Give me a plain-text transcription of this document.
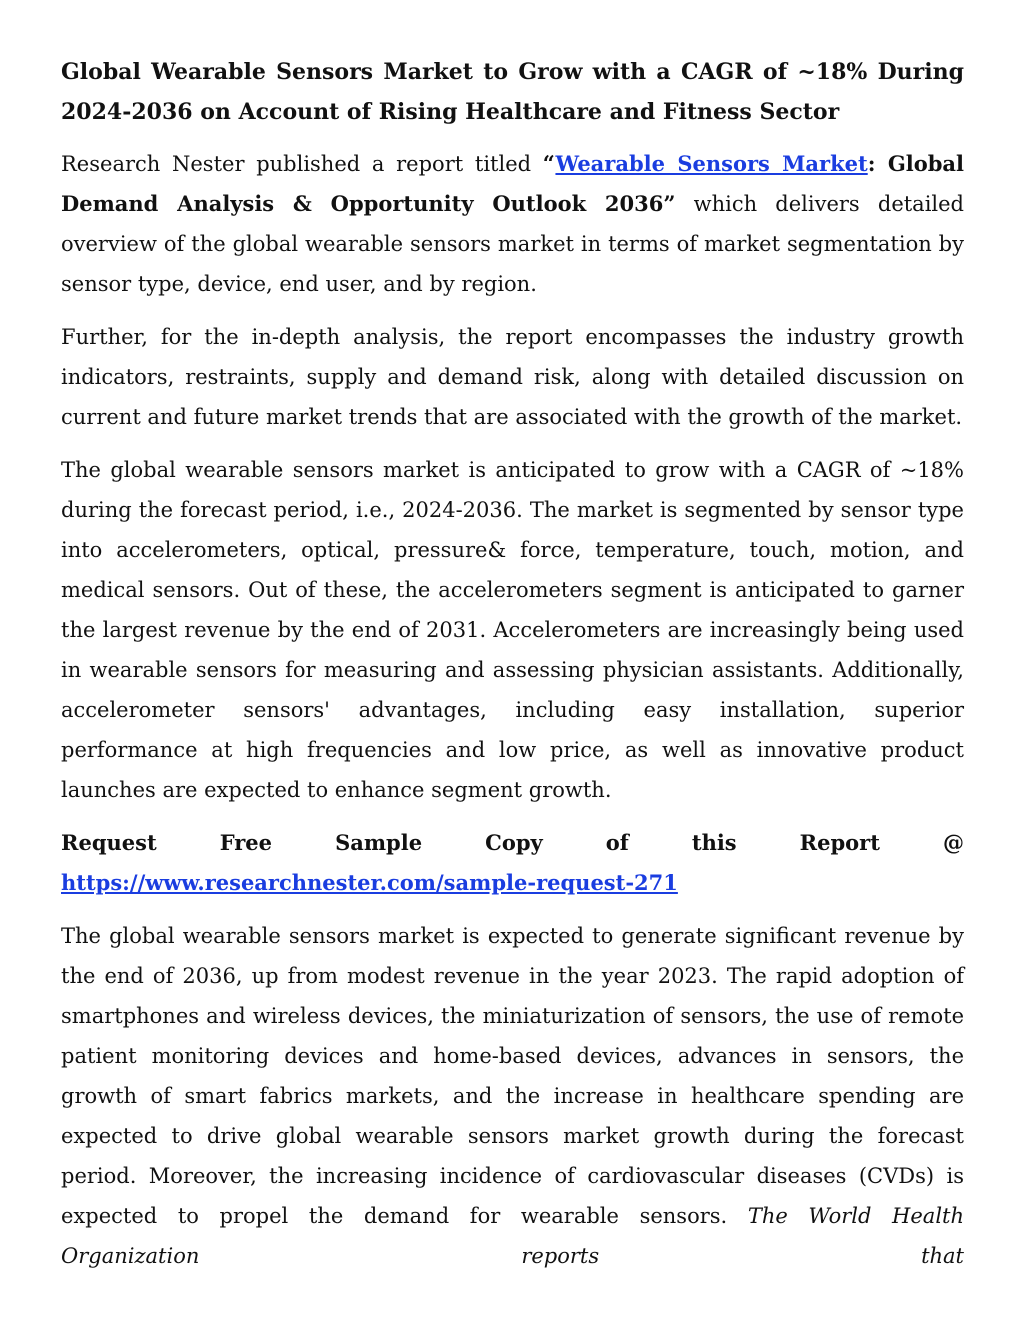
Global Wearable Sensors Market to Grow with a CAGR of ~18% During 2024-2036 on Account of Rising Healthcare and Fitness Sector

Research Nester published a report titled “Wearable Sensors Market: Global Demand Analysis & Opportunity Outlook 2036” which delivers detailed overview of the global wearable sensors market in terms of market segmentation by sensor type, device, end user, and by region.

Further, for the in-depth analysis, the report encompasses the industry growth indicators, restraints, supply and demand risk, along with detailed discussion on current and future market trends that are associated with the growth of the market.

The global wearable sensors market is anticipated to grow with a CAGR of ~18% during the forecast period, i.e., 2024-2036. The market is segmented by sensor type into accelerometers, optical, pressure& force, temperature, touch, motion, and medical sensors. Out of these, the accelerometers segment is anticipated to garner the largest revenue by the end of 2031. Accelerometers are increasingly being used in wearable sensors for measuring and assessing physician assistants. Additionally, accelerometer sensors' advantages, including easy installation, superior performance at high frequencies and low price, as well as innovative product launches are expected to enhance segment growth.

Request Free Sample Copy of this Report @

https://www.researchnester.com/sample-request-271

The global wearable sensors market is expected to generate significant revenue by the end of 2036, up from modest revenue in the year 2023. The rapid adoption of smartphones and wireless devices, the miniaturization of sensors, the use of remote patient monitoring devices and home-based devices, advances in sensors, the growth of smart fabrics markets, and the increase in healthcare spending are expected to drive global wearable sensors market growth during the forecast period. Moreover, the increasing incidence of cardiovascular diseases (CVDs) is expected to propel the demand for wearable sensors. The World Health Organization reports that
